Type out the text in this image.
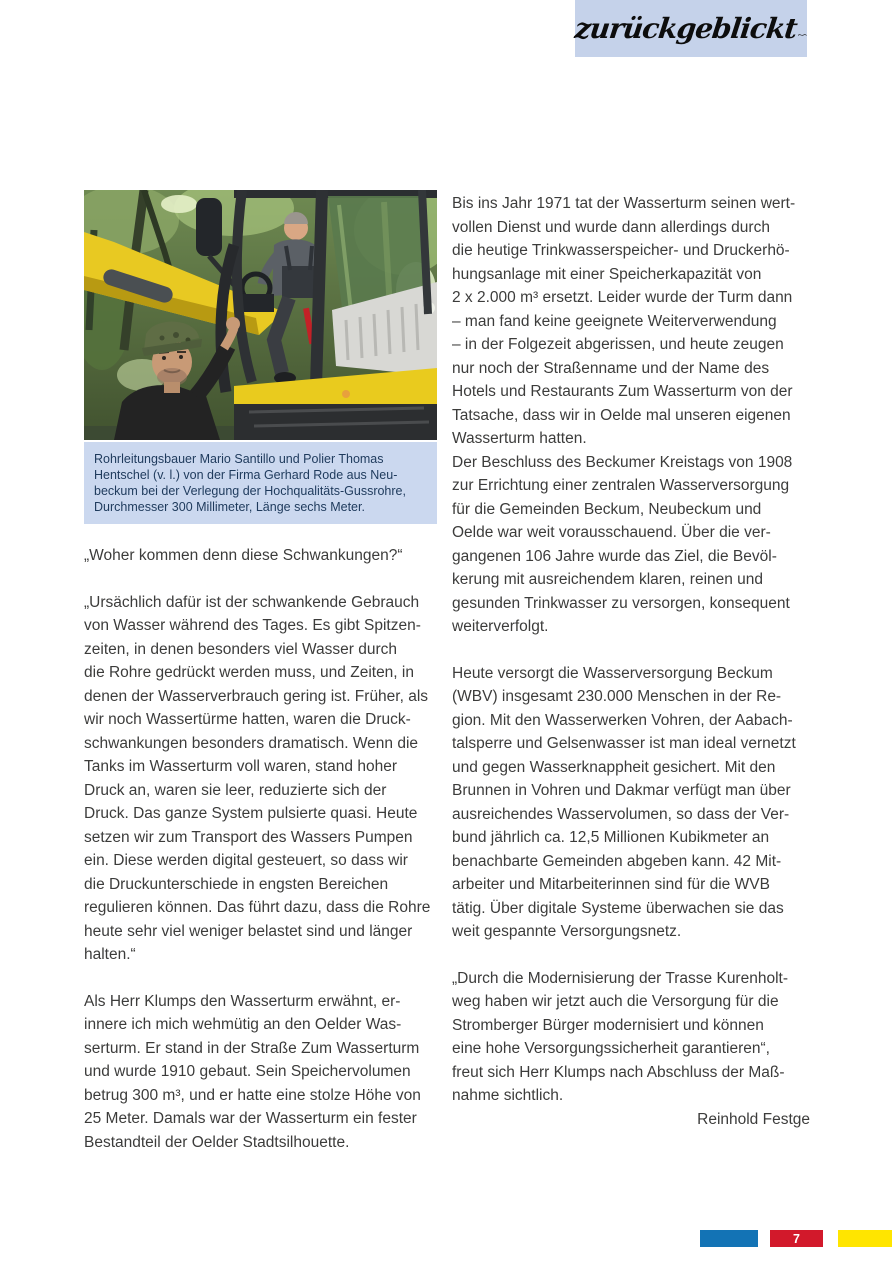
zurückgeblickt
Rohrleitungsbauer Mario Santillo und Polier Thomas
Hentschel (v. l.) von der Firma Gerhard Rode aus Neu-
beckum bei der Verlegung der Hochqualitäts-Gussrohre,
Durchmesser 300 Millimeter, Länge sechs Meter.
„Woher kommen denn diese Schwankungen?“
„Ursächlich dafür ist der schwankende Gebrauch
von Wasser während des Tages. Es gibt Spitzen-
zeiten, in denen besonders viel Wasser durch
die Rohre gedrückt werden muss, und Zeiten, in
denen der Wasserverbrauch gering ist. Früher, als
wir noch Wassertürme hatten, waren die Druck-
schwankungen besonders dramatisch. Wenn die
Tanks im Wasserturm voll waren, stand hoher
Druck an, waren sie leer, reduzierte sich der
Druck. Das ganze System pulsierte quasi. Heute
setzen wir zum Transport des Wassers Pumpen
ein. Diese werden digital gesteuert, so dass wir
die Druckunterschiede in engsten Bereichen
regulieren können. Das führt dazu, dass die Rohre
heute sehr viel weniger belastet sind und länger
halten.“
Als Herr Klumps den Wasserturm erwähnt, er-
innere ich mich wehmütig an den Oelder Was-
serturm. Er stand in der Straße Zum Wasserturm
und wurde 1910 gebaut. Sein Speichervolumen
betrug 300 m³, und er hatte eine stolze Höhe von
25 Meter. Damals war der Wasserturm ein fester
Bestandteil der Oelder Stadtsilhouette.
Bis ins Jahr 1971 tat der Wasserturm seinen wert-
vollen Dienst und wurde dann allerdings durch
die heutige Trinkwasserspeicher- und Druckerhö-
hungsanlage mit einer Speicherkapazität von
2 x 2.000 m³ ersetzt. Leider wurde der Turm dann
– man fand keine geeignete Weiterverwendung
– in der Folgezeit abgerissen, und heute zeugen
nur noch der Straßenname und der Name des
Hotels und Restaurants Zum Wasserturm von der
Tatsache, dass wir in Oelde mal unseren eigenen
Wasserturm hatten.
Der Beschluss des Beckumer Kreistags von 1908
zur Errichtung einer zentralen Wasserversorgung
für die Gemeinden Beckum, Neubeckum und
Oelde war weit vorausschauend. Über die ver-
gangenen 106 Jahre wurde das Ziel, die Bevöl-
kerung mit ausreichendem klaren, reinen und
gesunden Trinkwasser zu versorgen, konsequent
weiterverfolgt.
Heute versorgt die Wasserversorgung Beckum
(WBV) insgesamt 230.000 Menschen in der Re-
gion. Mit den Wasserwerken Vohren, der Aabach-
talsperre und Gelsenwasser ist man ideal vernetzt
und gegen Wasserknappheit gesichert. Mit den
Brunnen in Vohren und Dakmar verfügt man über
ausreichendes Wasservolumen, so dass der Ver-
bund jährlich ca. 12,5 Millionen Kubikmeter an
benachbarte Gemeinden abgeben kann. 42 Mit-
arbeiter und Mitarbeiterinnen sind für die WVB
tätig. Über digitale Systeme überwachen sie das
weit gespannte Versorgungsnetz.
„Durch die Modernisierung der Trasse Kurenholt-
weg haben wir jetzt auch die Versorgung für die
Stromberger Bürger modernisiert und können
eine hohe Versorgungssicherheit garantieren“,
freut sich Herr Klumps nach Abschluss der Maß-
nahme sichtlich.
Reinhold Festge
7
